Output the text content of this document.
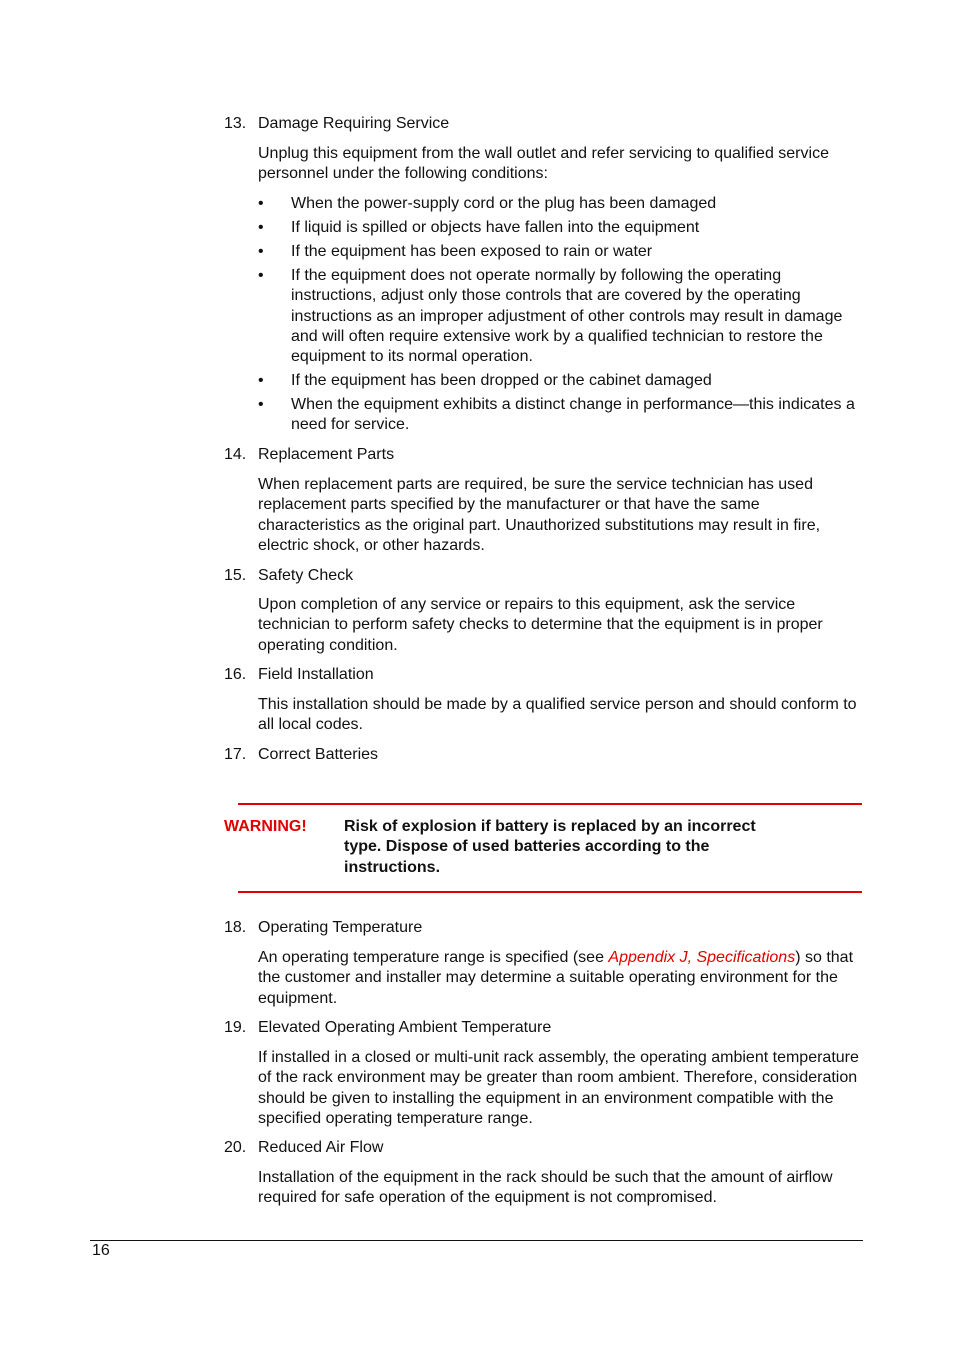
13. Damage Requiring Service
Unplug this equipment from the wall outlet and refer servicing to qualified service personnel under the following conditions:
• When the power-supply cord or the plug has been damaged
• If liquid is spilled or objects have fallen into the equipment
• If the equipment has been exposed to rain or water
• If the equipment does not operate normally by following the operating instructions, adjust only those controls that are covered by the operating instructions as an improper adjustment of other controls may result in damage and will often require extensive work by a qualified technician to restore the equipment to its normal operation.
• If the equipment has been dropped or the cabinet damaged
• When the equipment exhibits a distinct change in performance—this indicates a need for service.
14. Replacement Parts
When replacement parts are required, be sure the service technician has used replacement parts specified by the manufacturer or that have the same characteristics as the original part. Unauthorized substitutions may result in fire, electric shock, or other hazards.
15. Safety Check
Upon completion of any service or repairs to this equipment, ask the service technician to perform safety checks to determine that the equipment is in proper operating condition.
16. Field Installation
This installation should be made by a qualified service person and should conform to all local codes.
17. Correct Batteries
WARNING! Risk of explosion if battery is replaced by an incorrect type. Dispose of used batteries according to the instructions.
18. Operating Temperature
An operating temperature range is specified (see Appendix J, Specifications) so that the customer and installer may determine a suitable operating environment for the equipment.
19. Elevated Operating Ambient Temperature
If installed in a closed or multi-unit rack assembly, the operating ambient temperature of the rack environment may be greater than room ambient. Therefore, consideration should be given to installing the equipment in an environment compatible with the specified operating temperature range.
20. Reduced Air Flow
Installation of the equipment in the rack should be such that the amount of airflow required for safe operation of the equipment is not compromised.
16
